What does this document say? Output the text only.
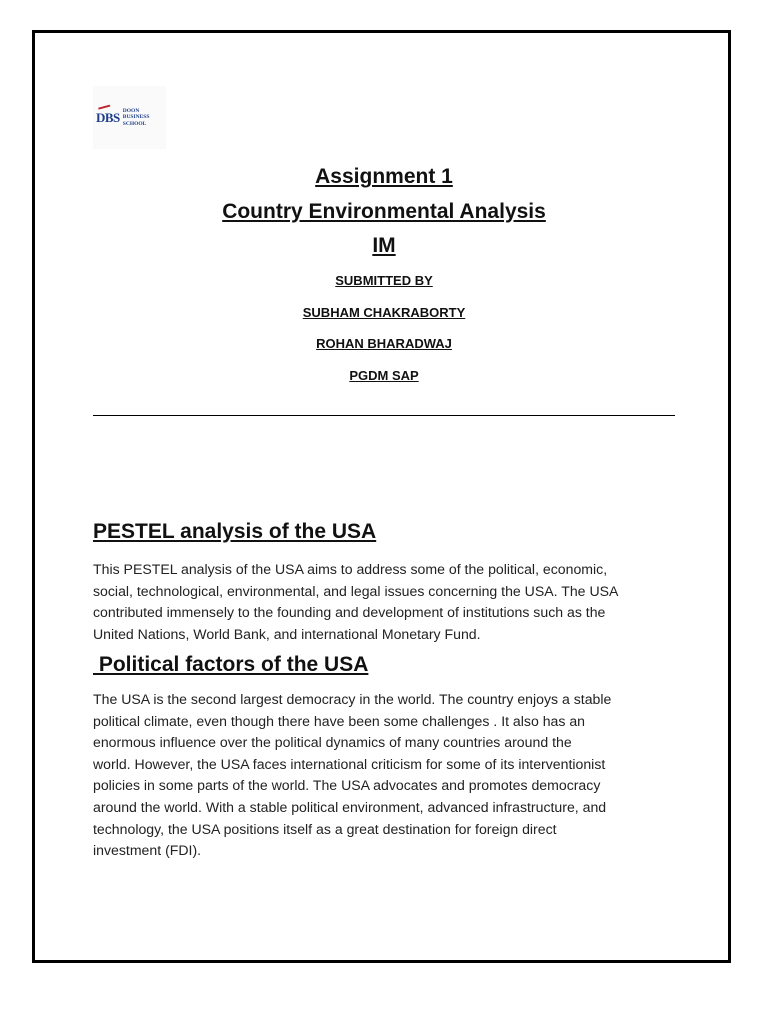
DBS DOON
BUSINESS
SCHOOL
Assignment 1
Country Environmental Analysis
IM

SUBMITTED BY

SUBHAM CHAKRABORTY

ROHAN BHARADWAJ

PGDM SAP

PESTEL analysis of the USA

This PESTEL analysis of the USA aims to address some of the political, economic,
social, technological, environmental, and legal issues concerning the USA. The USA
contributed immensely to the founding and development of institutions such as the
United Nations, World Bank, and international Monetary Fund.

Political factors of the USA

The USA is the second largest democracy in the world. The country enjoys a stable
political climate, even though there have been some challenges . It also has an
enormous influence over the political dynamics of many countries around the
world. However, the USA faces international criticism for some of its interventionist
policies in some parts of the world. The USA advocates and promotes democracy
around the world. With a stable political environment, advanced infrastructure, and
technology, the USA positions itself as a great destination for foreign direct
investment (FDI).
